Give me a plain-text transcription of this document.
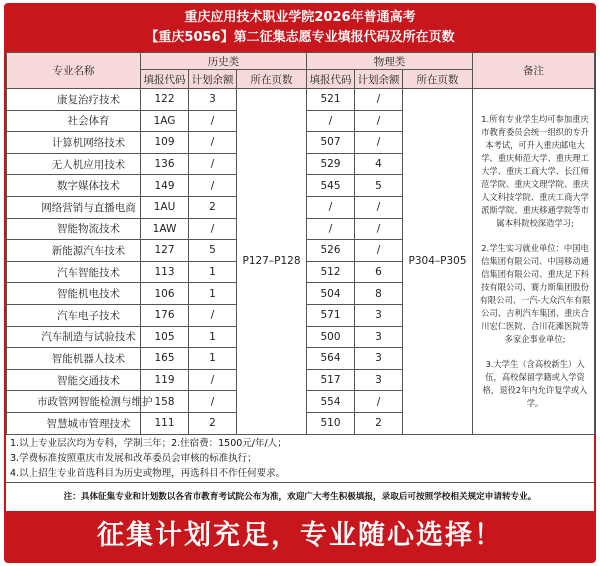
重庆应用技术职业学院2026年普通高考
【重庆5056】第二征集志愿专业填报代码及所在页数
专业名称	历史类			物理类			备注
	填报代码	计划余额	所在页数	填报代码	计划余额	所在页数	
康复治疗技术	122	3	P127–P128	521	/	P304–P305	1.所有专业学生均可参加重庆市教育委员会统一组织的专升本考试，可升入重庆邮电大学、重庆师范大学、重庆理工大学、重庆工商大学、长江师范学院、重庆文理学院、重庆人文科技学院、重庆工商大学派斯学院、重庆移通学院等市属本科院校深造学习;

2.学生实习就业单位：中国电信集团有限公司、中国移动通信集团有限公司、重庆足下科技有限公司、赛力斯集团股份有限公司、一汽-大众汽车有限公司、吉利汽车集团、重庆合川宏仁医院、合川花滩医院等多家企事业单位;

3.大学生（含高校新生）入伍，高校保留学籍或入学资格，退役2年内允许复学或入学。

社会体育	1AG	/		/	/		
计算机网络技术	109	/		507	/		
无人机应用技术	136	/		529	4		
数字媒体技术	149	/		545	5		
网络营销与直播电商	1AU	2		/	/		
智能物流技术	1AW	/		/	/		
新能源汽车技术	127	5		526	/		
汽车智能技术	113	1		512	6		
智能机电技术	106	1		504	8		
汽车电子技术	176	/		571	3		
汽车制造与试验技术	105	1		500	3		
智能机器人技术	165	1		564	3		
智能交通技术	119	/		517	3		
市政管网智能检测与维护	158	/		554	/		
智慧城市管理技术	111	2		510	2		
1.以上专业层次均为专科，学制三年；2.住宿费：1500元/年/人；
3.学费标准按照重庆市发展和改革委员会审核的标准执行；
4.以上招生专业首选科目为历史或物理，再选科目不作任何要求。
注：具体征集专业和计划数以各省市教育考试院公布为准，欢迎广大考生积极填报，录取后可按照学校相关规定申请转专业。
征集计划充足，专业随心选择！
